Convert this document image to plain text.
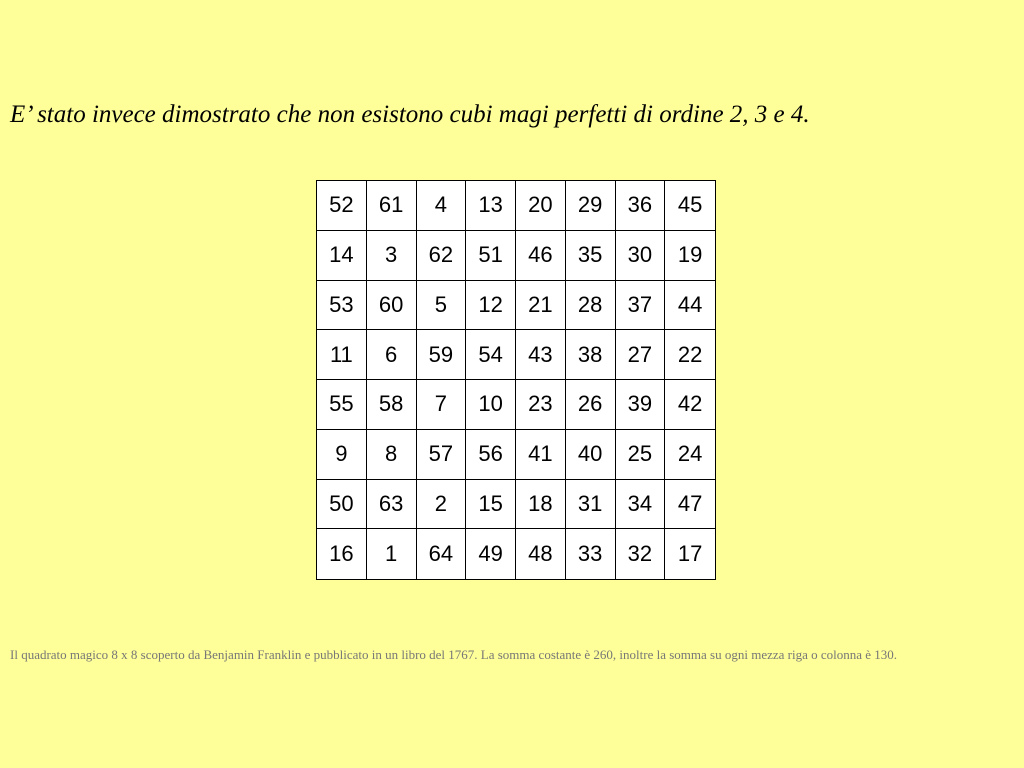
E’ stato invece dimostrato che non esistono cubi magi perfetti di ordine 2, 3 e 4.
52	61	4	13	20	29	36	45
14	3	62	51	46	35	30	19
53	60	5	12	21	28	37	44
11	6	59	54	43	38	27	22
55	58	7	10	23	26	39	42
9	8	57	56	41	40	25	24
50	63	2	15	18	31	34	47
16	1	64	49	48	33	32	17
Il quadrato magico 8 x 8 scoperto da Benjamin Franklin e pubblicato in un libro del 1767. La somma costante è 260, inoltre la somma su ogni mezza riga o colonna è 130.
